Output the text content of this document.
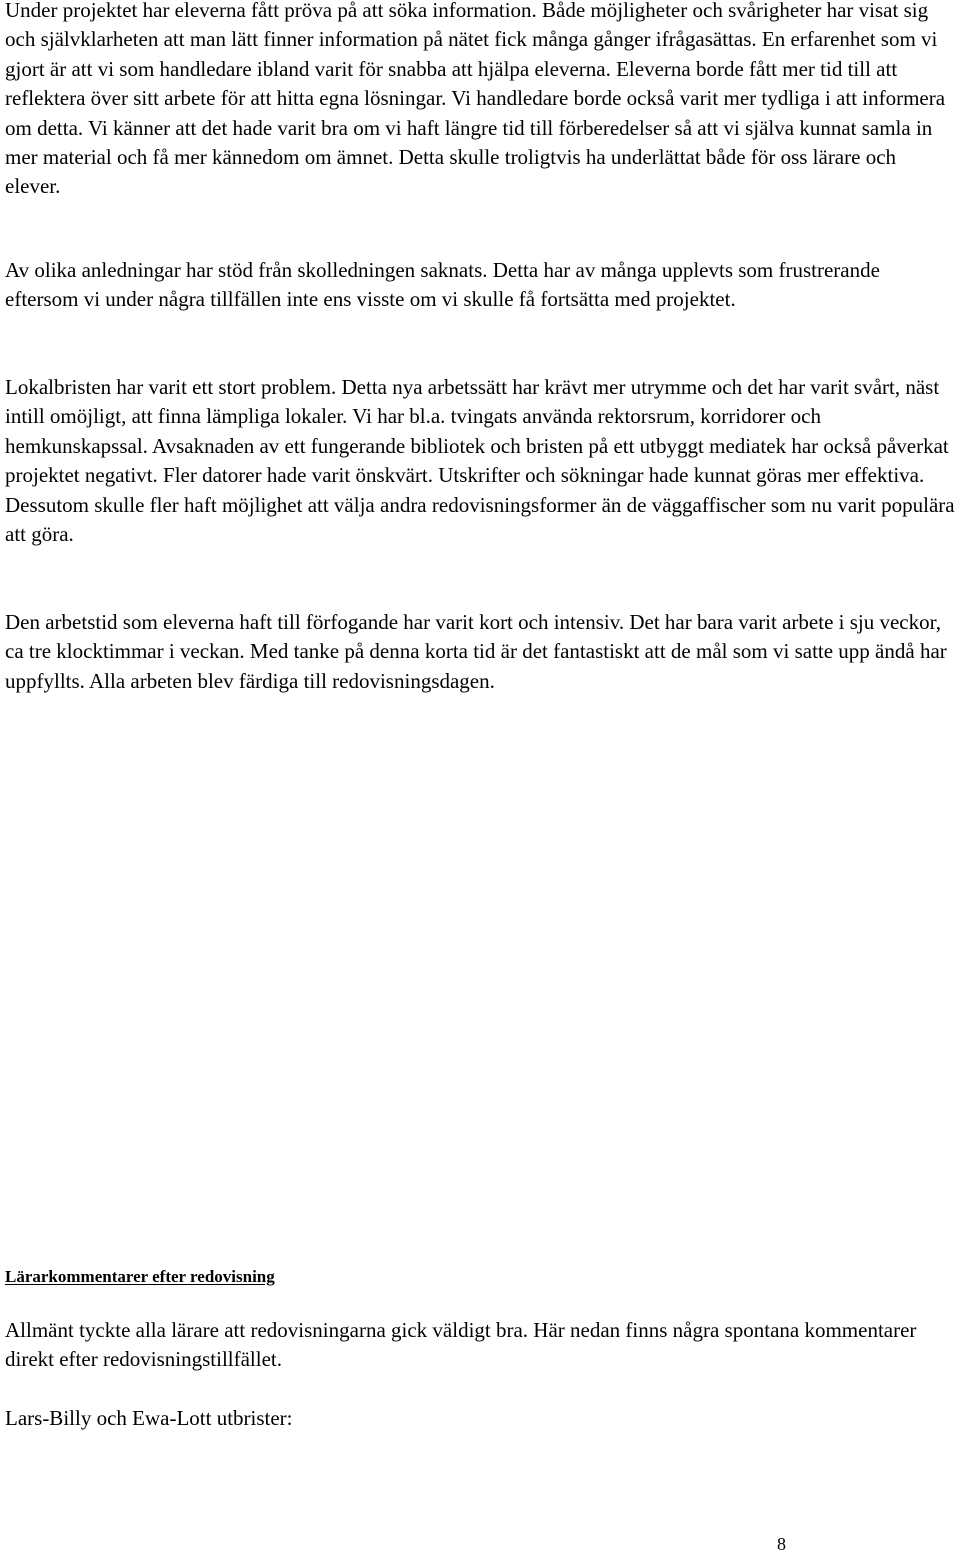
Under projektet har eleverna fått pröva på att söka information. Både möjligheter och svårigheter har visat sig och självklarheten att man lätt finner information på nätet fick många gånger ifrågasättas. En erfarenhet som vi gjort är att vi som handledare ibland varit för snabba att hjälpa eleverna. Eleverna borde fått mer tid till att reflektera över sitt arbete för att hitta egna lösningar. Vi handledare borde också varit mer tydliga i att informera om detta. Vi känner att det hade varit bra om vi haft längre tid till förberedelser så att vi själva kunnat samla in mer material och få mer kännedom om ämnet. Detta skulle troligtvis ha underlättat både för oss lärare och elever.

Av olika anledningar har stöd från skolledningen saknats. Detta har av många upplevts som frustrerande eftersom vi under några tillfällen inte ens visste om vi skulle få fortsätta med projektet.

Lokalbristen har varit ett stort problem. Detta nya arbetssätt har krävt mer utrymme och det har varit svårt, näst intill omöjligt, att finna lämpliga lokaler. Vi har bl.a. tvingats använda rektorsrum, korridorer och hemkunskapssal. Avsaknaden av ett fungerande bibliotek och bristen på ett utbyggt mediatek har också påverkat projektet negativt. Fler datorer hade varit önskvärt. Utskrifter och sökningar hade kunnat göras mer effektiva. Dessutom skulle fler haft möjlighet att välja andra redovisningsformer än de väggaffischer som nu varit populära att göra.

Den arbetstid som eleverna haft till förfogande har varit kort och intensiv. Det har bara varit arbete i sju veckor, ca tre klocktimmar i veckan. Med tanke på denna korta tid är det fantastiskt att de mål som vi satte upp ändå har uppfyllts. Alla arbeten blev färdiga till redovisningsdagen.

Lärarkommentarer efter redovisning

Allmänt tyckte alla lärare att redovisningarna gick väldigt bra. Här nedan finns några spontana kommentarer direkt efter redovisningstillfället.

Lars-Billy och Ewa-Lott utbrister:

8
